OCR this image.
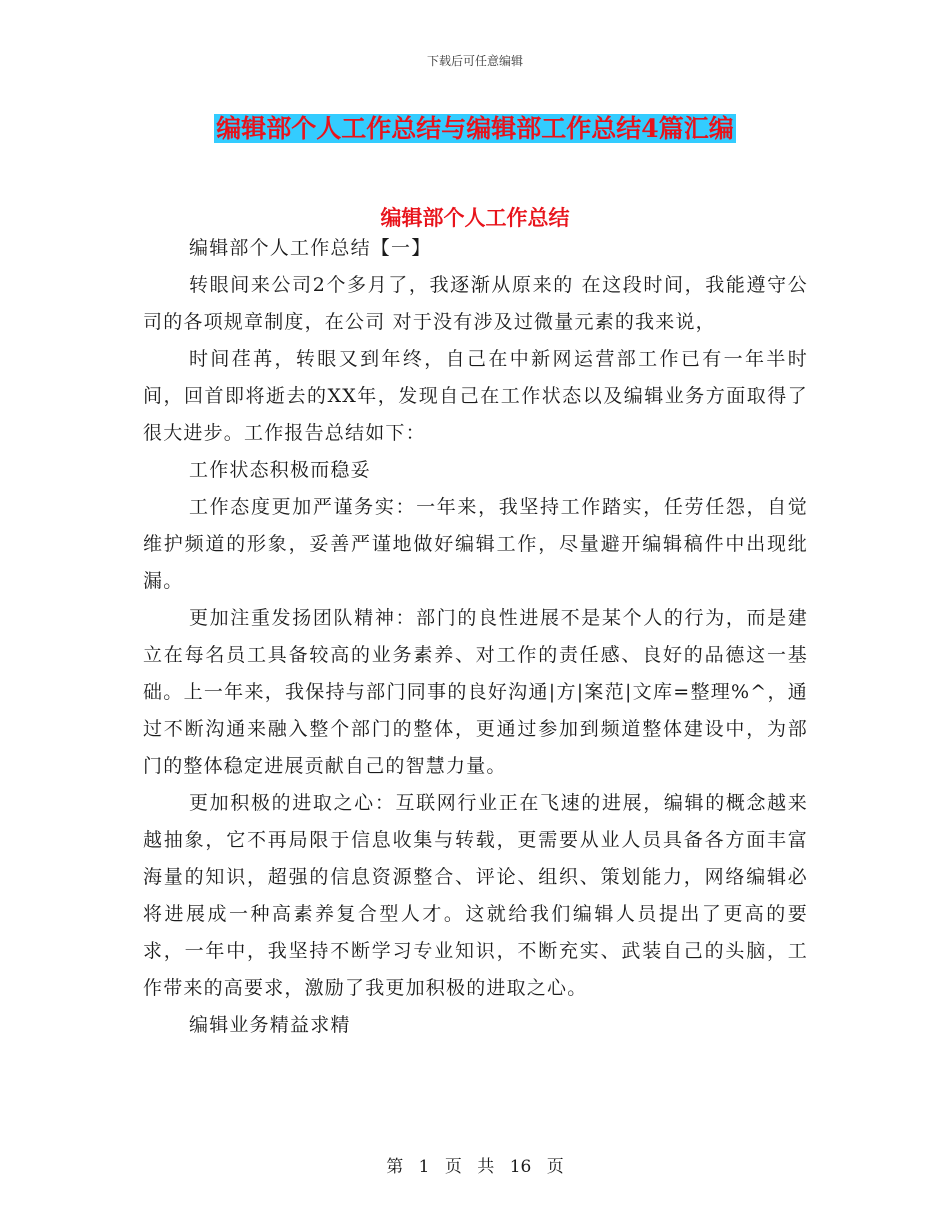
下载后可任意编辑
编辑部个人工作总结与编辑部工作总结4篇汇编
编辑部个人工作总结

编辑部个人工作总结【一】

转眼间来公司2个多月了，我逐渐从原来的 在这段时间，我能遵守公司的各项规章制度，在公司 对于没有涉及过微量元素的我来说，

时间荏苒，转眼又到年终，自己在中新网运营部工作已有一年半时间，回首即将逝去的XX年，发现自己在工作状态以及编辑业务方面取得了很大进步。工作报告总结如下：

工作状态积极而稳妥

工作态度更加严谨务实：一年来，我坚持工作踏实，任劳任怨，自觉维护频道的形象，妥善严谨地做好编辑工作，尽量避开编辑稿件中出现纰漏。

更加注重发扬团队精神：部门的良性进展不是某个人的行为，而是建立在每名员工具备较高的业务素养、对工作的责任感、良好的品德这一基础。上一年来，我保持与部门同事的良好沟通|方|案范|文库=整理%^，通过不断沟通来融入整个部门的整体，更通过参加到频道整体建设中，为部门的整体稳定进展贡献自己的智慧力量。

更加积极的进取之心：互联网行业正在飞速的进展，编辑的概念越来越抽象，它不再局限于信息收集与转载，更需要从业人员具备各方面丰富海量的知识，超强的信息资源整合、评论、组织、策划能力，网络编辑必将进展成一种高素养复合型人才。这就给我们编辑人员提出了更高的要求，一年中，我坚持不断学习专业知识，不断充实、武装自己的头脑，工作带来的高要求，激励了我更加积极的进取之心。

编辑业务精益求精

第 1 页 共 16 页
